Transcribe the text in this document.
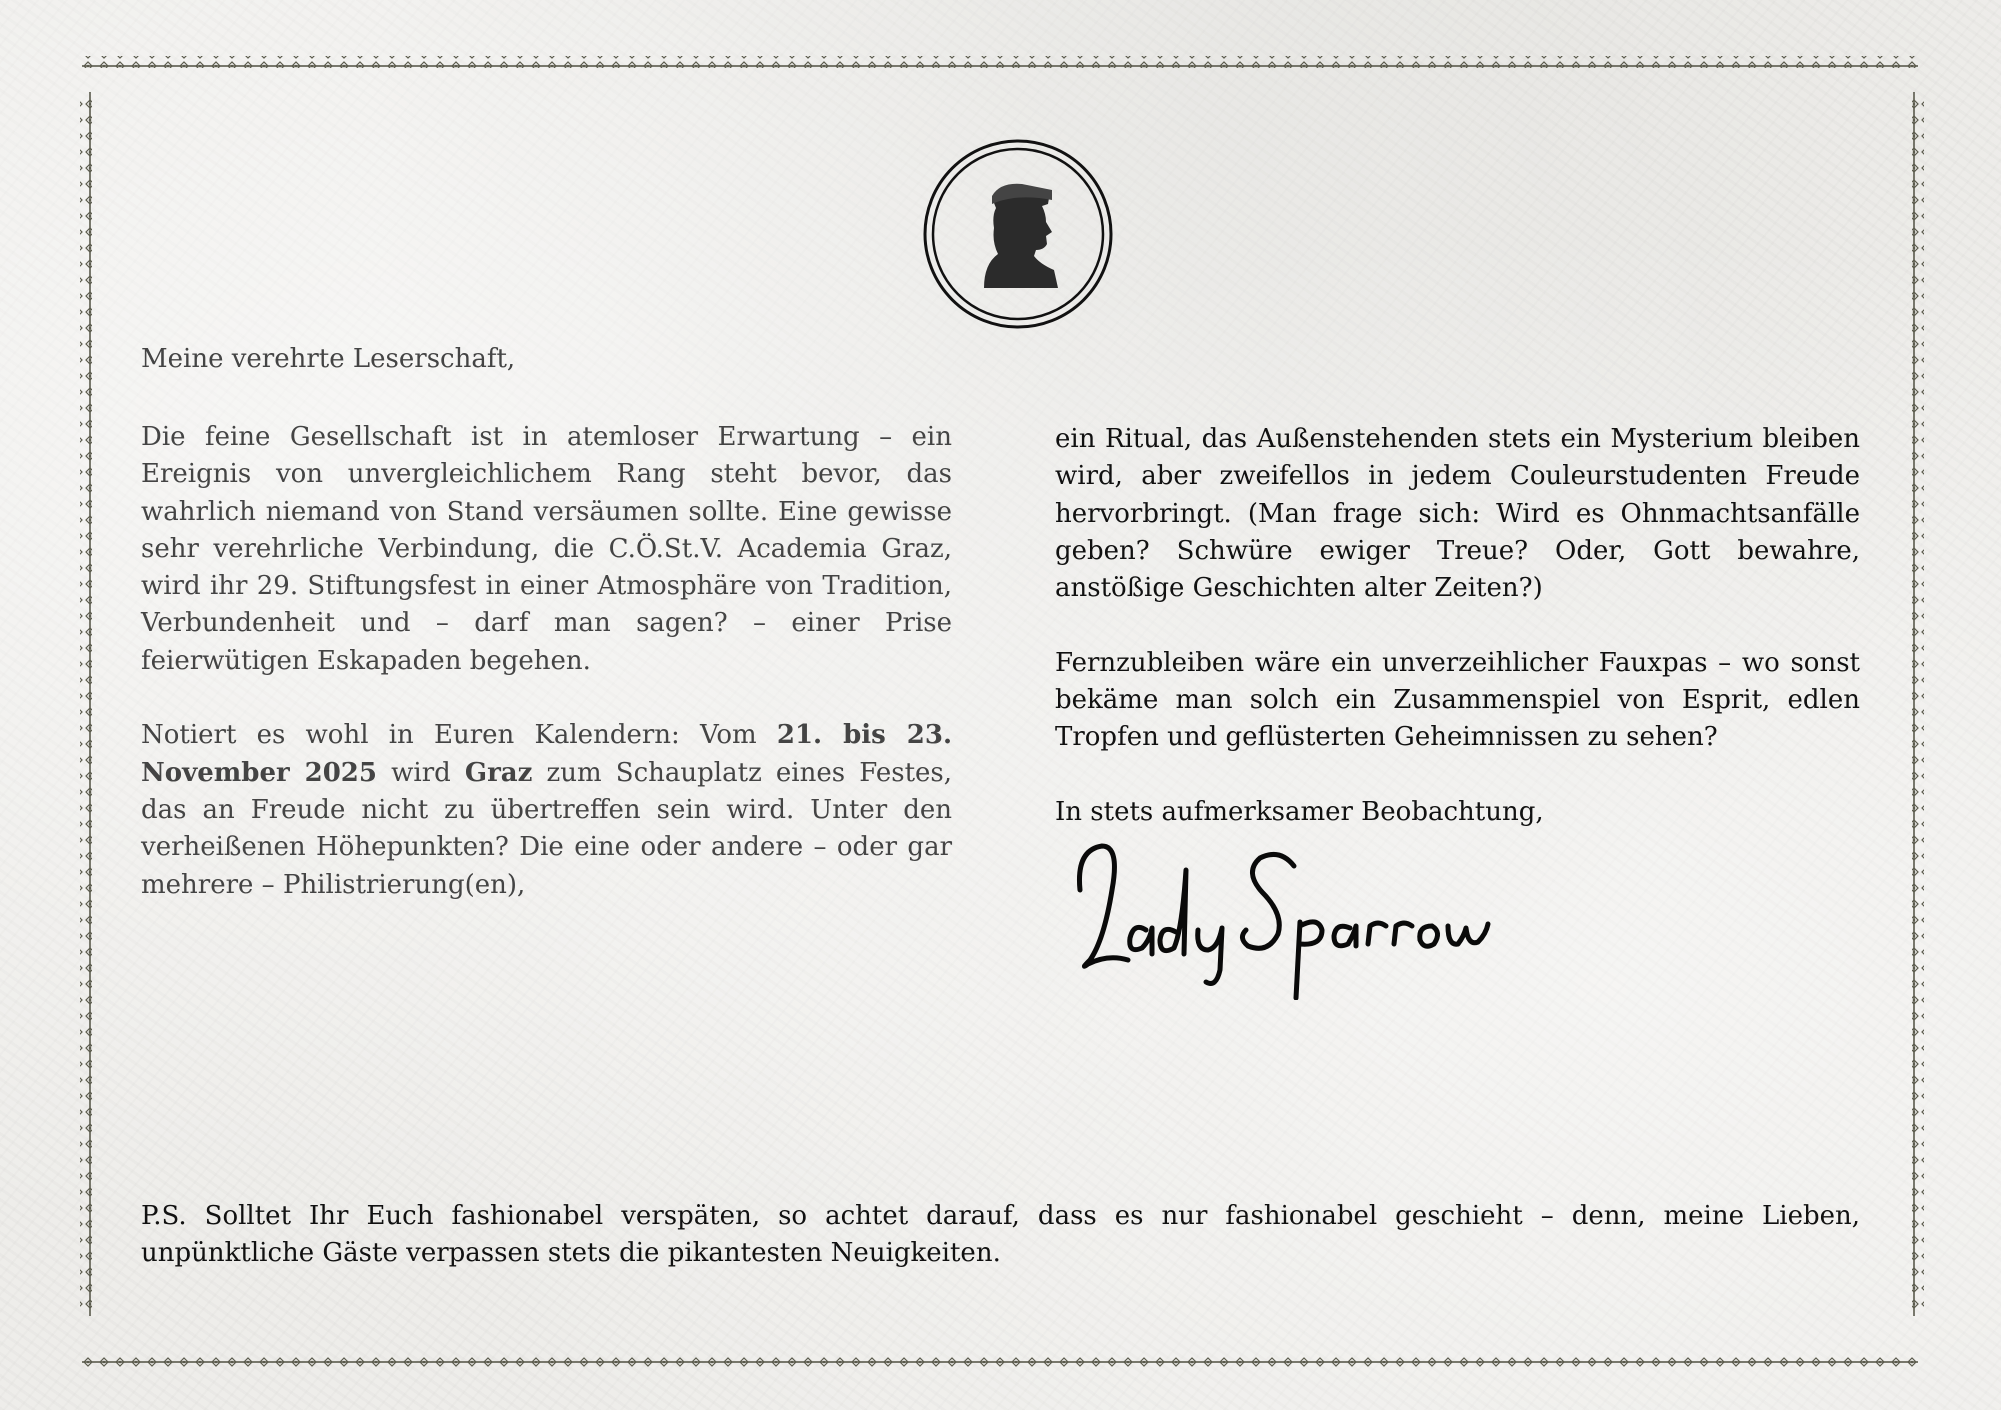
Meine verehrte Leserschaft,

Die feine Gesellschaft ist in atemloser Erwartung – ein Ereignis von unvergleichlichem Rang steht bevor, das wahrlich niemand von Stand versäumen sollte. Eine gewisse sehr verehrliche Verbindung, die C.Ö.St.V. Academia Graz, wird ihr 29. Stiftungsfest in einer Atmosphäre von Tradition, Verbundenheit und – darf man sagen? – einer Prise feierwütigen Eskapaden begehen.

Notiert es wohl in Euren Kalendern: Vom 21. bis 23. November 2025 wird Graz zum Schauplatz eines Festes, das an Freude nicht zu übertreffen sein wird. Unter den verheißenen Höhepunkten? Die eine oder andere – oder gar mehrere – Philistrierung(en),

ein Ritual, das Außenstehenden stets ein Mysterium bleiben wird, aber zweifellos in jedem Couleurstudenten Freude hervorbringt. (Man frage sich: Wird es Ohnmachtsanfälle geben? Schwüre ewiger Treue? Oder, Gott bewahre, anstößige Geschichten alter Zeiten?)

Fernzubleiben wäre ein unverzeihlicher Fauxpas – wo sonst bekäme man solch ein Zusammenspiel von Esprit, edlen Tropfen und geflüsterten Geheimnissen zu sehen?

In stets aufmerksamer Beobachtung,

P.S. Solltet Ihr Euch fashionabel verspäten, so achtet darauf, dass es nur fashionabel geschieht – denn, meine Lieben, unpünktliche Gäste verpassen stets die pikantesten Neuigkeiten.
